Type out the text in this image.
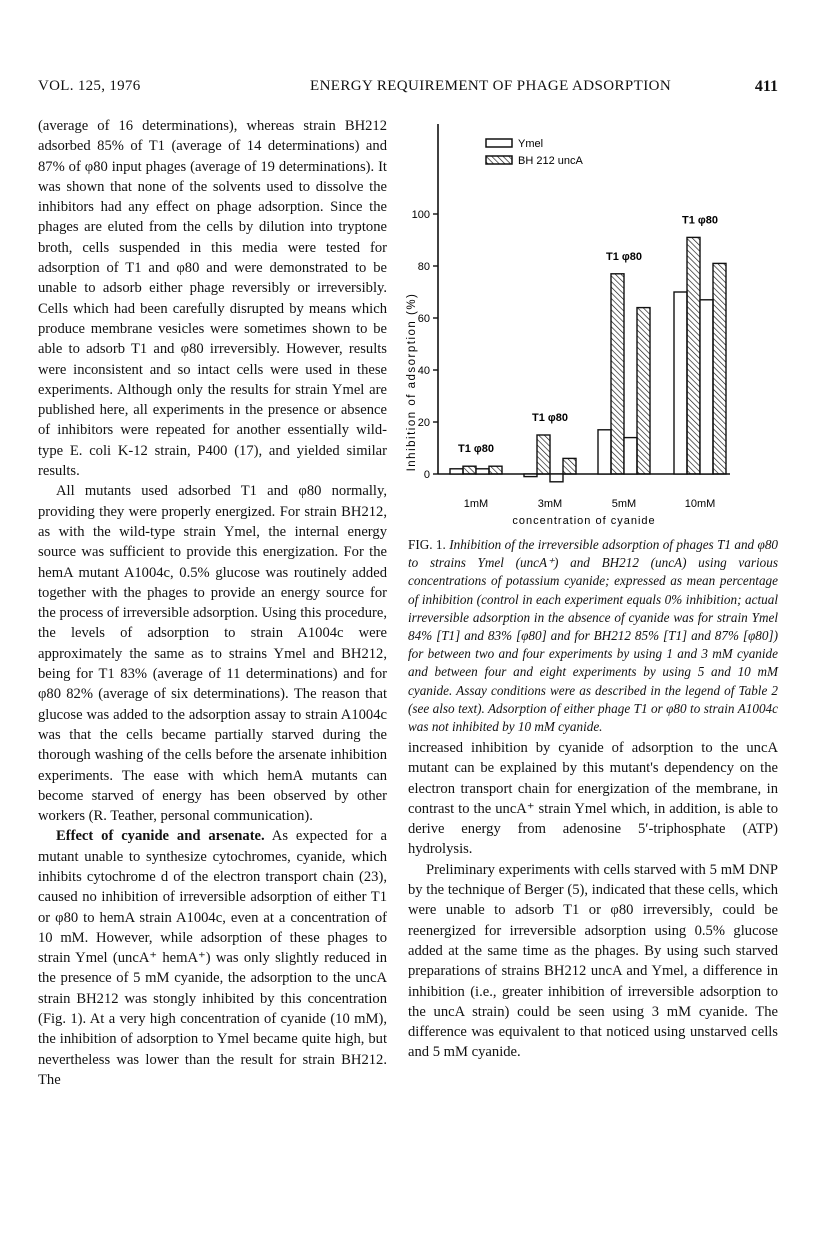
VOL. 125, 1976	ENERGY REQUIREMENT OF PHAGE ADSORPTION	411

(average of 16 determinations), whereas strain BH212 adsorbed 85% of T1 (average of 14 determinations) and 87% of φ80 input phages (average of 19 determinations). It was shown that none of the solvents used to dissolve the inhibitors had any effect on phage adsorption. Since the phages are eluted from the cells by dilution into tryptone broth, cells suspended in this media were tested for adsorption of T1 and φ80 and were demonstrated to be unable to adsorb either phage reversibly or irreversibly. Cells which had been carefully disrupted by means which produce membrane vesicles were sometimes shown to be able to adsorb T1 and φ80 irreversibly. However, results were inconsistent and so intact cells were used in these experiments. Although only the results for strain Ymel are published here, all experiments in the presence or absence of inhibitors were repeated for another essentially wild-type E. coli K-12 strain, P400 (17), and yielded similar results.

All mutants used adsorbed T1 and φ80 normally, providing they were properly energized. For strain BH212, as with the wild-type strain Ymel, the internal energy source was sufficient to provide this energization. For the hemA mutant A1004c, 0.5% glucose was routinely added together with the phages to provide an energy source for the process of irreversible adsorption. Using this procedure, the levels of adsorption to strain A1004c were approximately the same as to strains Ymel and BH212, being for T1 83% (average of 11 determinations) and for φ80 82% (average of six determinations). The reason that glucose was added to the adsorption assay to strain A1004c was that the cells became partially starved during the thorough washing of the cells before the arsenate inhibition experiments. The ease with which hemA mutants can become starved of energy has been observed by other workers (R. Teather, personal communication).

Effect of cyanide and arsenate. As expected for a mutant unable to synthesize cytochromes, cyanide, which inhibits cytochrome d of the electron transport chain (23), caused no inhibition of irreversible adsorption of either T1 or φ80 to hemA strain A1004c, even at a concentration of 10 mM. However, while adsorption of these phages to strain Ymel (uncA⁺ hemA⁺) was only slightly reduced in the presence of 5 mM cyanide, the adsorption to the uncA strain BH212 was stongly inhibited by this concentration (Fig. 1). At a very high concentration of cyanide (10 mM), the inhibition of adsorption to Ymel became quite high, but nevertheless was lower than the result for strain BH212. The

Ymel
BH 212 uncA
Inhibition of adsorption (%)
concentration of cyanide
0
20
40
60
80
100
T1 φ80
1mM
T1 φ80
3mM
T1 φ80
5mM
T1 φ80
10mM
FIG. 1. Inhibition of the irreversible adsorption of phages T1 and φ80 to strains Ymel (uncA⁺) and BH212 (uncA) using various concentrations of potassium cyanide; expressed as mean percentage of inhibition (control in each experiment equals 0% inhibition; actual irreversible adsorption in the absence of cyanide was for strain Ymel 84% [T1] and 83% [φ80] and for BH212 85% [T1] and 87% [φ80]) for between two and four experiments by using 1 and 3 mM cyanide and between four and eight experiments by using 5 and 10 mM cyanide. Assay conditions were as described in the legend of Table 2 (see also text). Adsorption of either phage T1 or φ80 to strain A1004c was not inhibited by 10 mM cyanide.

increased inhibition by cyanide of adsorption to the uncA mutant can be explained by this mutant's dependency on the electron transport chain for energization of the membrane, in contrast to the uncA⁺ strain Ymel which, in addition, is able to derive energy from adenosine 5′-triphosphate (ATP) hydrolysis.

Preliminary experiments with cells starved with 5 mM DNP by the technique of Berger (5), indicated that these cells, which were unable to adsorb T1 or φ80 irreversibly, could be reenergized for irreversible adsorption using 0.5% glucose added at the same time as the phages. By using such starved preparations of strains BH212 uncA and Ymel, a difference in inhibition (i.e., greater inhibition of irreversible adsorption to the uncA strain) could be seen using 3 mM cyanide. The difference was equivalent to that noticed using unstarved cells and 5 mM cyanide.
